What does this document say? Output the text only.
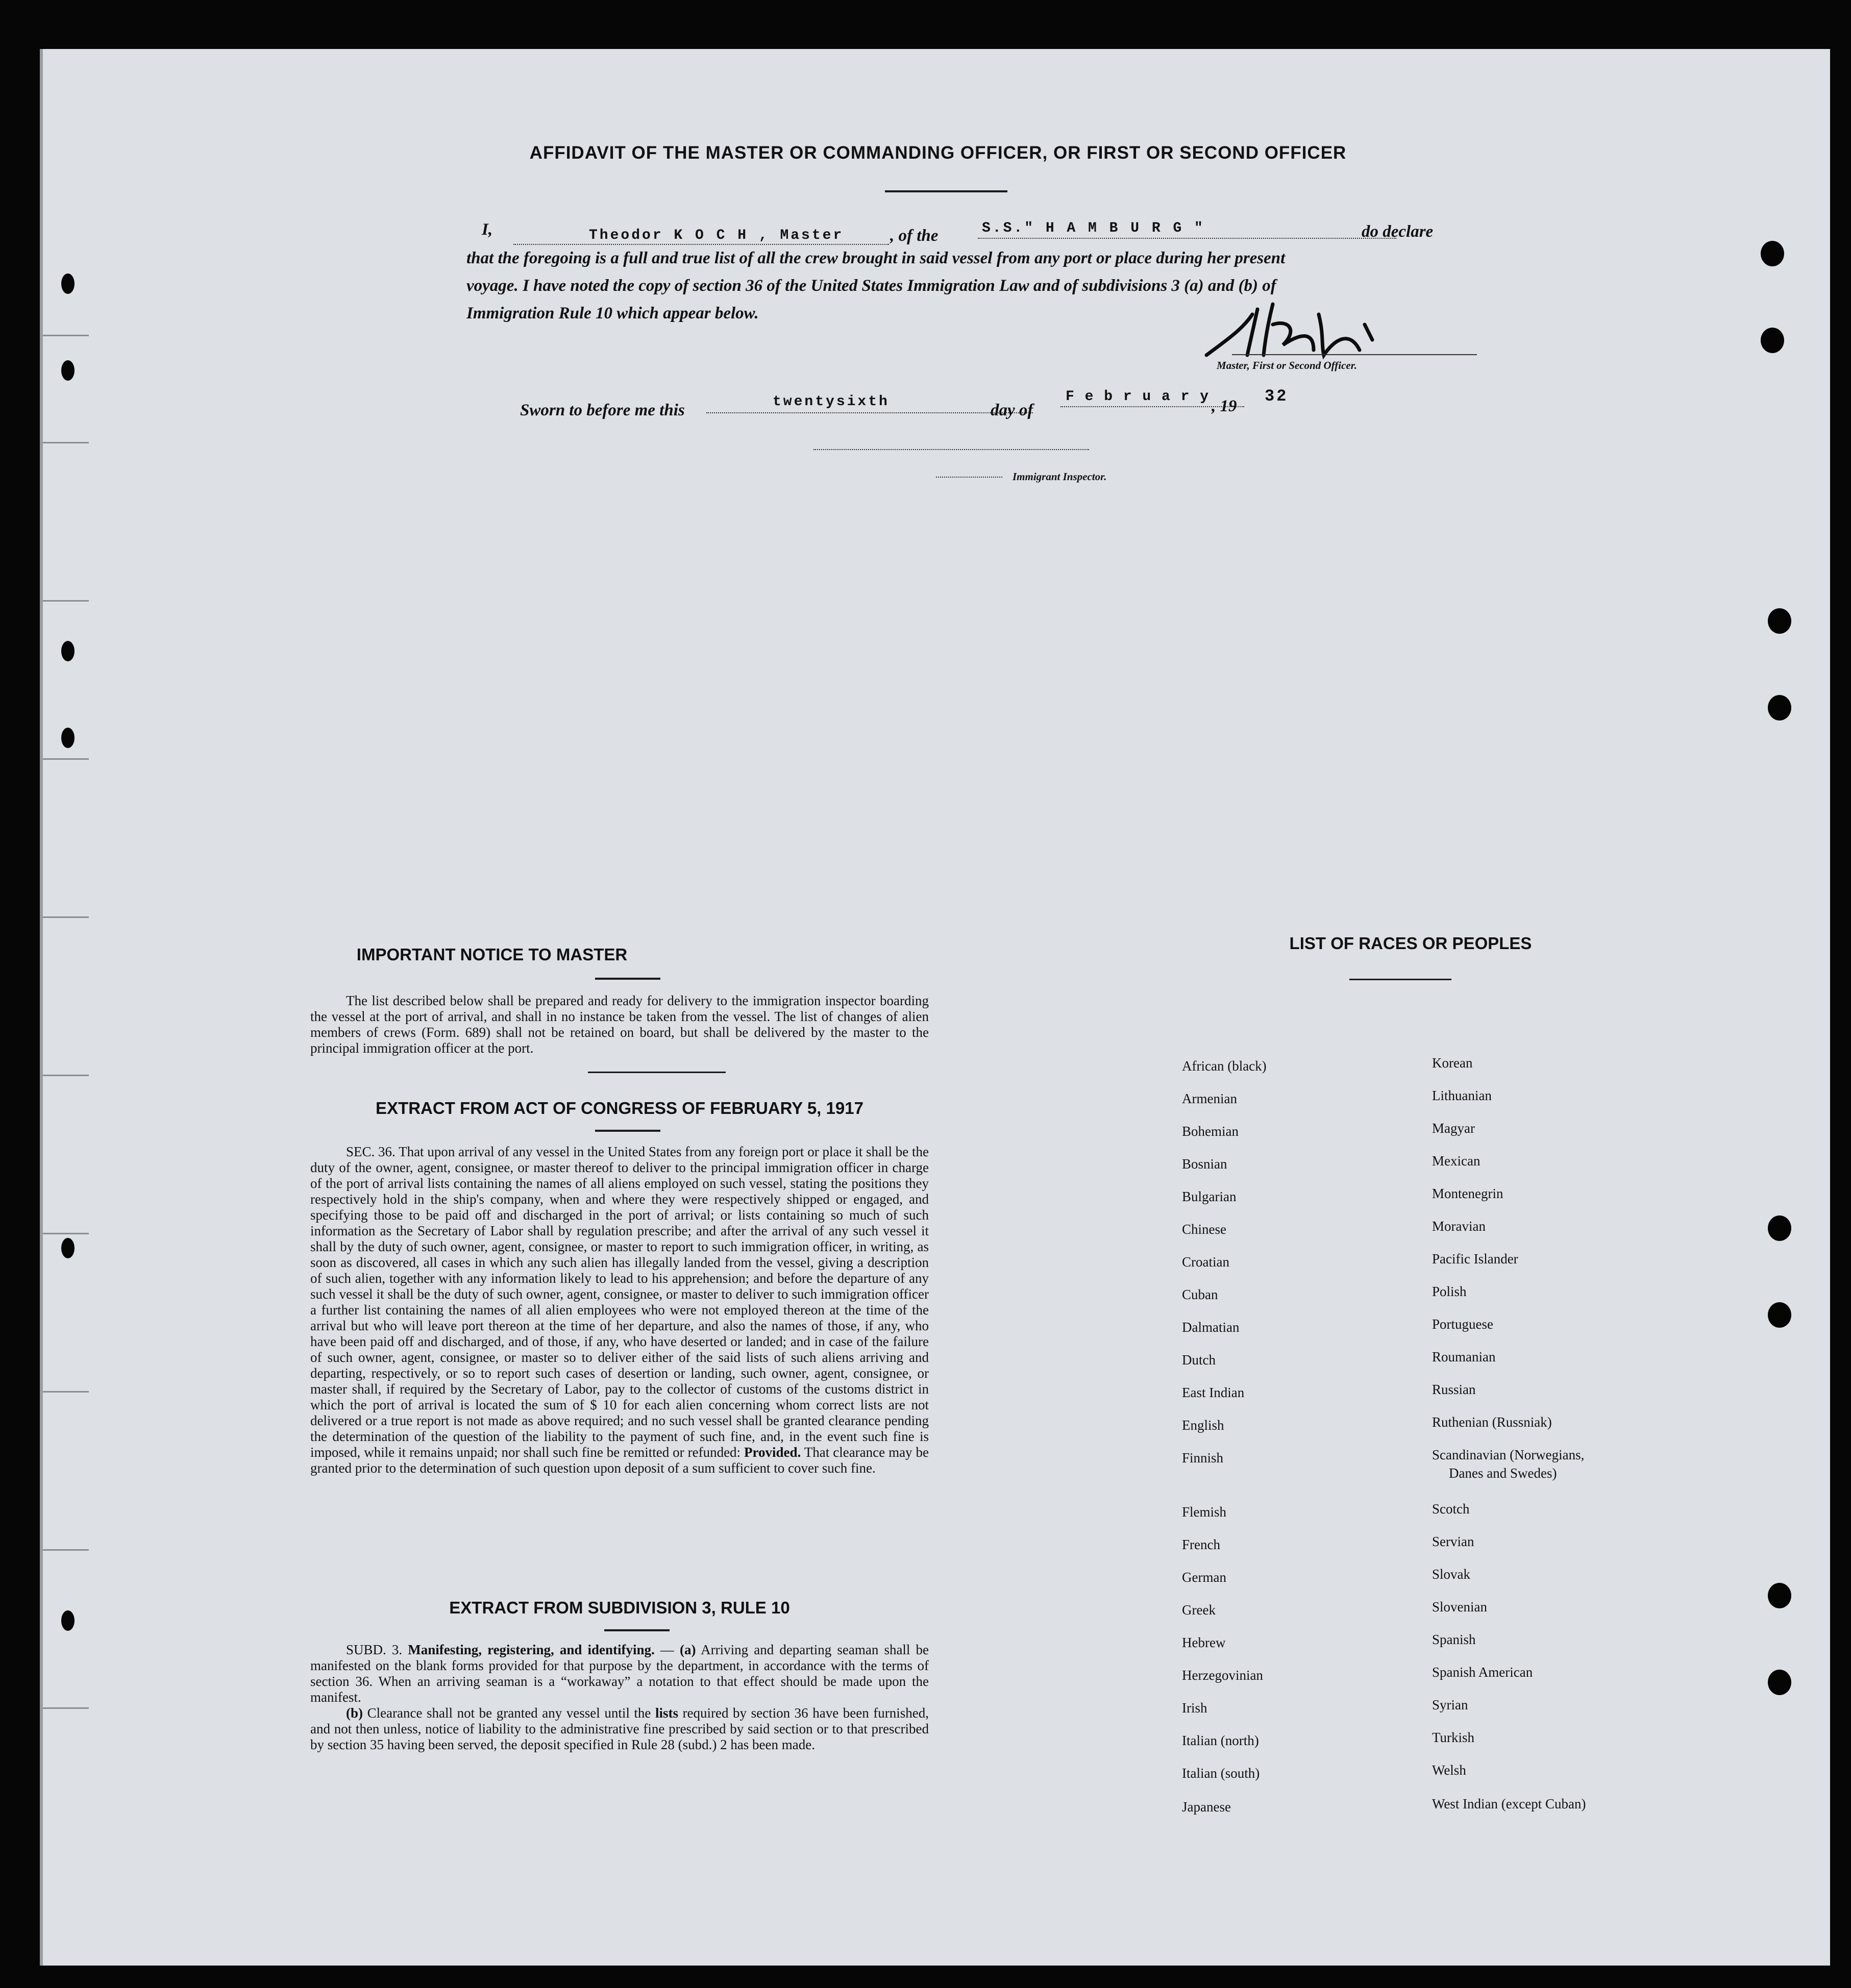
AFFIDAVIT OF THE MASTER OR COMMANDING OFFICER, OR FIRST OR SECOND OFFICER
I,	Theodor K O C H , Master	, of the	S.S." H A M B U R G "	do declare
that the foregoing is a full and true list of all the crew brought in said vessel from any port or place during her present
voyage. I have noted the copy of section 36 of the United States Immigration Law and of subdivisions 3 (a) and (b) of
Immigration Rule 10 which appear below.
Master, First or Second Officer.
Sworn to before me this	twentysixth	day of
F e b r u a r y
, 19
32
Immigrant Inspector.
IMPORTANT NOTICE TO MASTER
The list described below shall be prepared and ready for delivery to the immigration inspector boarding the vessel at the port of arrival, and shall in no instance be taken from the vessel. The list of changes of alien members of crews (Form. 689) shall not be retained on board, but shall be delivered by the master to the principal immigration officer at the port.
EXTRACT FROM ACT OF CONGRESS OF FEBRUARY 5, 1917
SEC. 36. That upon arrival of any vessel in the United States from any foreign port or place it shall be the duty of the owner, agent, consignee, or master thereof to deliver to the principal immigration officer in charge of the port of arrival lists containing the names of all aliens employed on such vessel, stating the positions they respectively hold in the ship's company, when and where they were respectively shipped or engaged, and specifying those to be paid off and discharged in the port of arrival; or lists containing so much of such information as the Secretary of Labor shall by regulation prescribe; and after the arrival of any such vessel it shall by the duty of such owner, agent, consignee, or master to report to such immigration officer, in writing, as soon as discovered, all cases in which any such alien has illegally landed from the vessel, giving a description of such alien, together with any information likely to lead to his apprehension; and before the departure of any such vessel it shall be the duty of such owner, agent, consignee, or master to deliver to such immigration officer a further list containing the names of all alien employees who were not employed thereon at the time of the arrival but who will leave port thereon at the time of her departure, and also the names of those, if any, who have been paid off and discharged, and of those, if any, who have deserted or landed; and in case of the failure of such owner, agent, consignee, or master so to deliver either of the said lists of such aliens arriving and departing, respectively, or so to report such cases of desertion or landing, such owner, agent, consignee, or master shall, if required by the Secretary of Labor, pay to the collector of customs of the customs district in which the port of arrival is located the sum of $ 10 for each alien concerning whom correct lists are not delivered or a true report is not made as above required; and no such vessel shall be granted clearance pending the determination of the question of the liability to the payment of such fine, and, in the event such fine is imposed, while it remains unpaid; nor shall such fine be remitted or refunded: Provided. That clearance may be granted prior to the determination of such question upon deposit of a sum sufficient to cover such fine.
EXTRACT FROM SUBDIVISION 3, RULE 10
SUBD. 3. Manifesting, registering, and identifying. — (a) Arriving and departing seaman shall be manifested on the blank forms provided for that purpose by the department, in accordance with the terms of section 36. When an arriving seaman is a “workaway” a notation to that effect should be made upon the manifest.
(b) Clearance shall not be granted any vessel until the lists required by section 36 have been furnished, and not then unless, notice of liability to the administrative fine prescribed by said section or to that prescribed by section 35 having been served, the deposit specified in Rule 28 (subd.) 2 has been made.
LIST OF RACES OR PEOPLES
African (black)
Armenian
Bohemian
Bosnian
Bulgarian
Chinese
Croatian
Cuban
Dalmatian
Dutch
East Indian
English
Finnish
Flemish
French
German
Greek
Hebrew
Herzegovinian
Irish
Italian (north)
Italian (south)
Japanese
Korean
Lithuanian
Magyar
Mexican
Montenegrin
Moravian
Pacific Islander
Polish
Portuguese
Roumanian
Russian
Ruthenian (Russniak)
Scandinavian (Norwegians,
Danes and Swedes)
Scotch
Servian
Slovak
Slovenian
Spanish
Spanish American
Syrian
Turkish
Welsh
West Indian (except Cuban)
